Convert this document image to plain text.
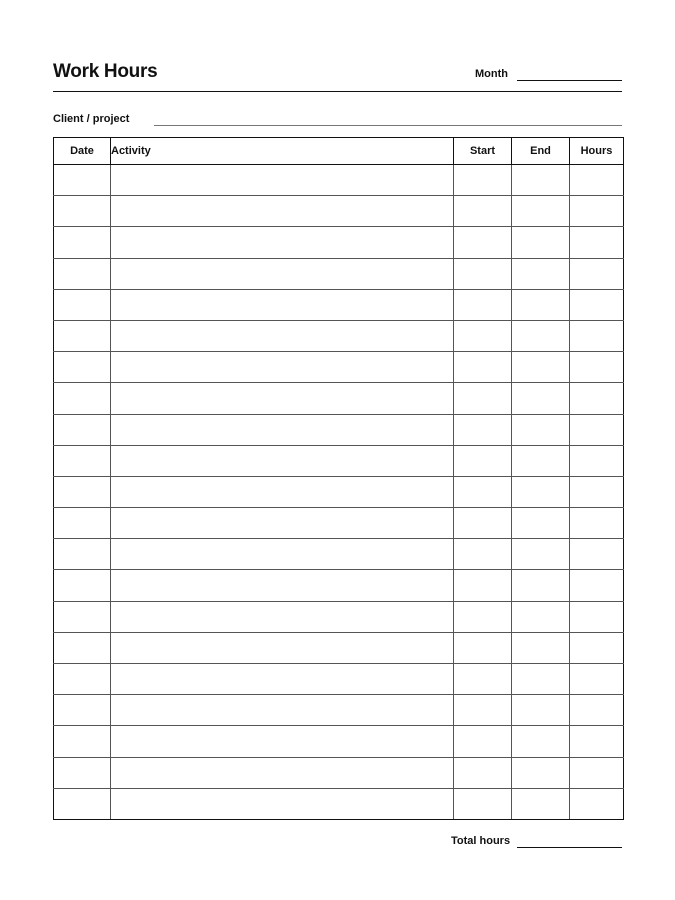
Work Hours	Month
Client / project
Date	Activity	Start	End	Hours

Total hours
